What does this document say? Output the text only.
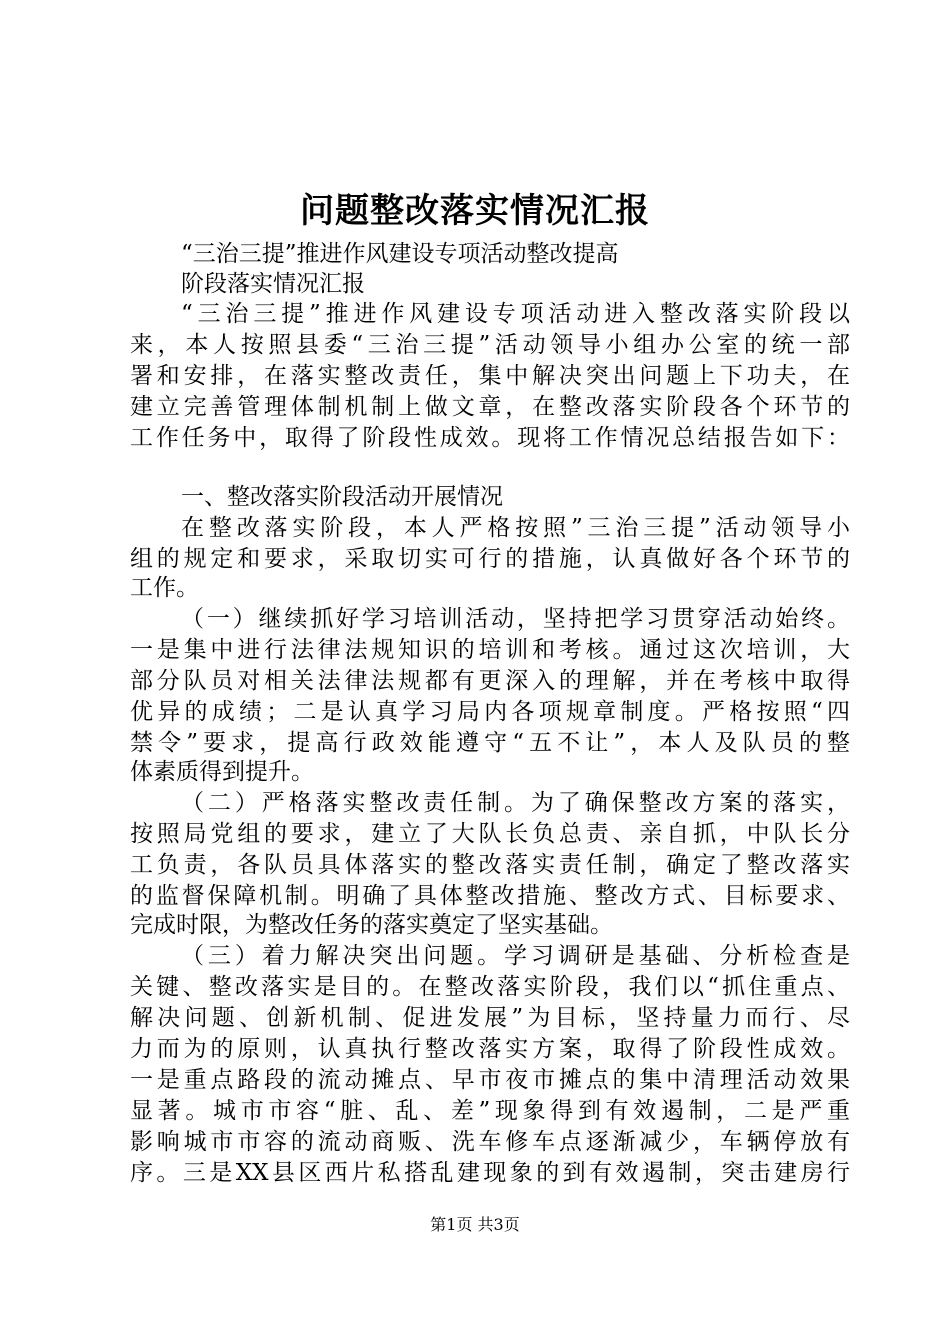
问题整改落实情况汇报
“三治三提”推进作风建设专项活动整改提高
阶段落实情况汇报
“三治三提”推进作风建设专项活动进入整改落实阶段以
来，本人按照县委“三治三提”活动领导小组办公室的统一部
署和安排，在落实整改责任，集中解决突出问题上下功夫，在
建立完善管理体制机制上做文章，在整改落实阶段各个环节的
工作任务中，取得了阶段性成效。现将工作情况总结报告如下：
一、整改落实阶段活动开展情况
在整改落实阶段，本人严格按照”三治三提”活动领导小
组的规定和要求，采取切实可行的措施，认真做好各个环节的
工作。
（一）继续抓好学习培训活动，坚持把学习贯穿活动始终。
一是集中进行法律法规知识的培训和考核。通过这次培训，大
部分队员对相关法律法规都有更深入的理解，并在考核中取得
优异的成绩；二是认真学习局内各项规章制度。严格按照“四
禁令”要求，提高行政效能遵守“五不让”，本人及队员的整
体素质得到提升。
（二）严格落实整改责任制。为了确保整改方案的落实，
按照局党组的要求，建立了大队长负总责、亲自抓，中队长分
工负责，各队员具体落实的整改落实责任制，确定了整改落实
的监督保障机制。明确了具体整改措施、整改方式、目标要求、
完成时限，为整改任务的落实奠定了坚实基础。
（三）着力解决突出问题。学习调研是基础、分析检查是
关键、整改落实是目的。在整改落实阶段，我们以“抓住重点、
解决问题、创新机制、促进发展”为目标，坚持量力而行、尽
力而为的原则，认真执行整改落实方案，取得了阶段性成效。
一是重点路段的流动摊点、早市夜市摊点的集中清理活动效果
显著。城市市容“脏、乱、差”现象得到有效遏制，二是严重
影响城市市容的流动商贩、洗车修车点逐渐减少，车辆停放有
序。三是XX县区西片私搭乱建现象的到有效遏制，突击建房行
第1页 共3页
